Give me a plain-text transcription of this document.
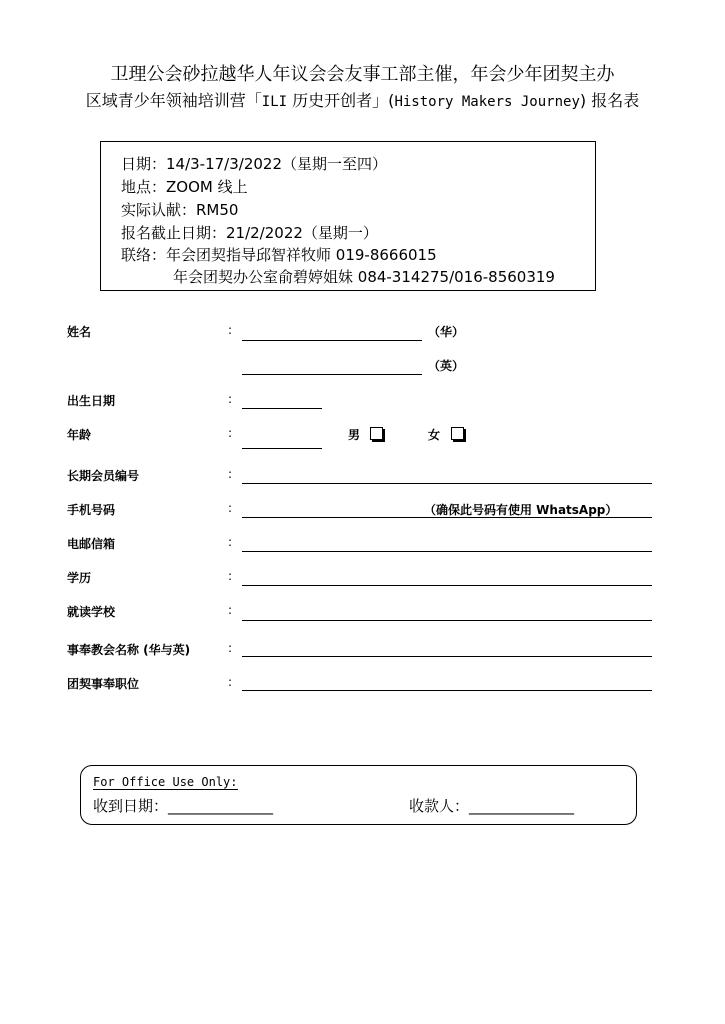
卫理公会砂拉越华人年议会会友事工部主催，年会少年团契主办
区域青少年领袖培训营「ILI 历史开创者」(History Makers Journey) 报名表
日期：14/3-17/3/2022（星期一至四）
地点：ZOOM 线上
实际认献：RM50
报名截止日期：21/2/2022（星期一）
联络：年会团契指导邱智祥牧师 019-8666015
年会团契办公室俞碧婷姐妹 084-314275/016-8560319
姓名	:	（华）
（英）
出生日期	:
年龄	:	男	女
长期会员编号	:
手机号码	:	（确保此号码有使用 WhatsApp）
电邮信箱	:
学历	:
就读学校	:
事奉教会名称 (华与英)	:
团契事奉职位	:
For Office Use Only:
收到日期：______________	收款人：______________
